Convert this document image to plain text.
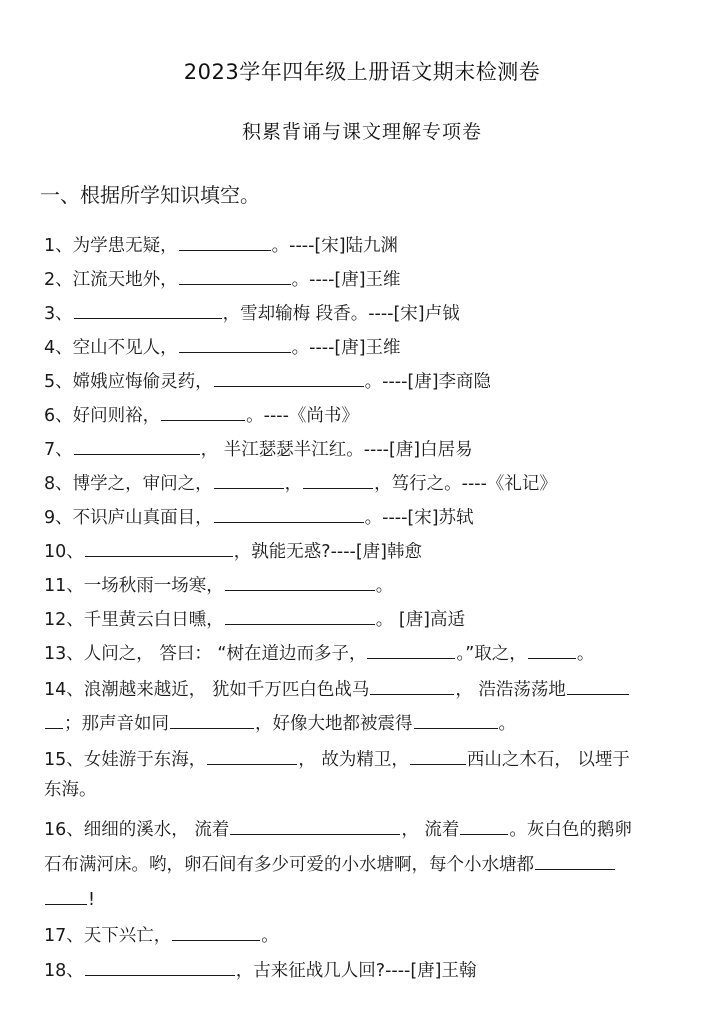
2023学年四年级上册语文期末检测卷
积累背诵与课文理解专项卷
一、根据所学知识填空。
1、为学患无疑，	。----[宋]陆九渊
2、江流天地外，	。----[唐]王维
3、	，雪却输梅 段香。----[宋]卢钺
4、空山不见人，	。----[唐]王维
5、嫦娥应悔偷灵药，	。----[唐]李商隐
6、好问则裕，	。----《尚书》
7、	， 半江瑟瑟半江红。----[唐]白居易
8、博学之，审问之，	，	，笃行之。----《礼记》
9、不识庐山真面目，	。----[宋]苏轼
10、	，孰能无惑?----[唐]韩愈
11、一场秋雨一场寒，	。
12、千里黄云白日曛，	。 [唐]高适
13、人问之， 答曰： “树在道边而多子，	。”取之，	。
14、浪潮越来越近， 犹如千万匹白色战马	， 浩浩荡荡地
；那声音如同	，好像大地都被震得	。
15、女娃游于东海，	， 故为精卫，	西山之木石， 以堙于
东海。
16、细细的溪水， 流着	， 流着	。灰白色的鹅卵
石布满河床。哟，卵石间有多少可爱的小水塘啊，每个小水塘都
!
17、天下兴亡，	。
18、	，古来征战几人回?----[唐]王翰
